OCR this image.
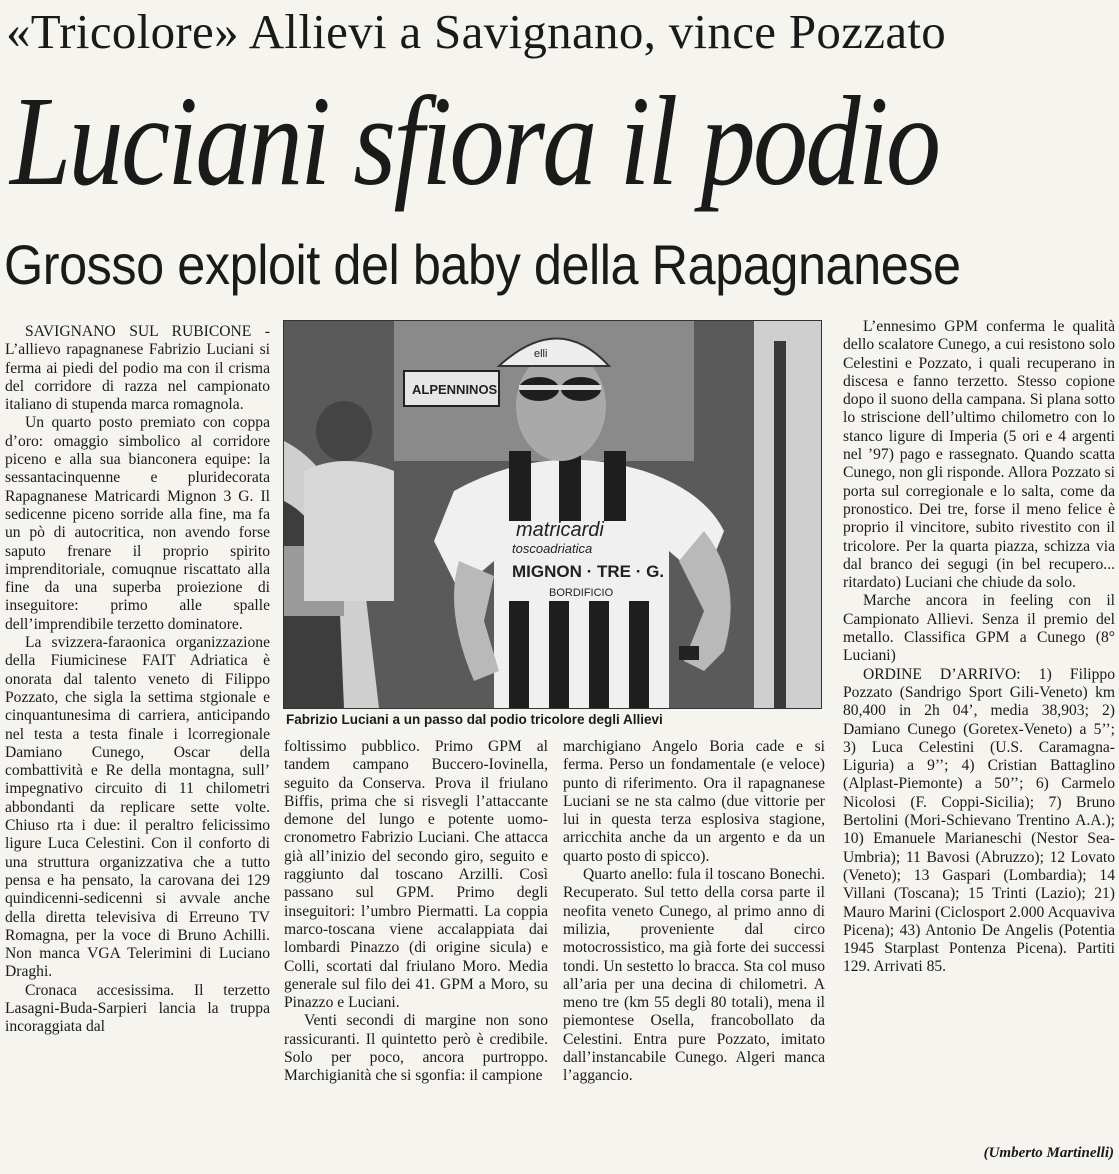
«Tricolore» Allievi a Savignano, vince Pozzato
Luciani sfiora il podio
Grosso exploit del baby della Rapagnanese

SAVIGNANO SUL RUBICONE - L’allievo rapagnanese Fabrizio Luciani si ferma ai piedi del podio ma con il crisma del corridore di razza nel campionato italiano di stupenda marca romagnola.

Un quarto posto premiato con coppa d’oro: omaggio simbolico al corridore piceno e alla sua bianconera equipe: la sessantacinquenne e pluridecorata Rapagnanese Matricardi Mignon 3 G. Il sedicenne piceno sorride alla fine, ma fa un pò di autocritica, non avendo forse saputo frenare il proprio spirito imprenditoriale, comuqnue riscattato alla fine da una superba proiezione di inseguitore: primo alle spalle dell’imprendibile terzetto dominatore.

La svizzera-faraonica organizzazione della Fiumicinese FAIT Adriatica è onorata dal talento veneto di Filippo Pozzato, che sigla la settima stgionale e cinquantunesima di carriera, anticipando nel testa a testa finale i lcorregionale Damiano Cunego, Oscar della combattività e Re della montagna, sull’ impegnativo circuito di 11 chilometri abbondanti da replicare sette volte. Chiuso rta i due: il peraltro felicissimo ligure Luca Celestini. Con il conforto di una struttura organizzativa che a tutto pensa e ha pensato, la carovana dei 129 quindicenni-sedicenni si avvale anche della diretta televisiva di Erreuno TV Romagna, per la voce di Bruno Achilli. Non manca VGA Telerimini di Luciano Draghi.

Cronaca accesissima. Il terzetto Lasagni-Buda-Sarpieri lancia la truppa incoraggiata dal

ALPENNINOS
matricardi
toscoadriatica
MIGNON · TRE · G.
BORDIFICIO
elli
Fabrizio Luciani a un passo dal podio tricolore degli Allievi

foltissimo pubblico. Primo GPM al tandem campano Buccero-Iovinella, seguito da Conserva. Prova il friulano Biffis, prima che si risvegli l’attaccante demone del lungo e potente uomo-cronometro Fabrizio Luciani. Che attacca già all’inizio del secondo giro, seguito e raggiunto dal toscano Arzilli. Così passano sul GPM. Primo degli inseguitori: l’umbro Piermatti. La coppia marco-toscana viene accalappiata dai lombardi Pinazzo (di origine sicula) e Colli, scortati dal friulano Moro. Media generale sul filo dei 41. GPM a Moro, su Pinazzo e Luciani.

Venti secondi di margine non sono rassicuranti. Il quintetto però è credibile. Solo per poco, ancora purtroppo. Marchigianità che si sgonfia: il campione

marchigiano Angelo Boria cade e si ferma. Perso un fondamentale (e veloce) punto di riferimento. Ora il rapagnanese Luciani se ne sta calmo (due vittorie per lui in questa terza esplosiva stagione, arricchita anche da un argento e da un quarto posto di spicco).

Quarto anello: fula il toscano Bonechi. Recuperato. Sul tetto della corsa parte il neofita veneto Cunego, al primo anno di milizia, proveniente dal circo motocrossistico, ma già forte dei successi tondi. Un sestetto lo bracca. Sta col muso all’aria per una decina di chilometri. A meno tre (km 55 degli 80 totali), mena il piemontese Osella, francobollato da Celestini. Entra pure Pozzato, imitato dall’instancabile Cunego. Algeri manca l’aggancio.

L’ennesimo GPM conferma le qualità dello scalatore Cunego, a cui resistono solo Celestini e Pozzato, i quali recuperano in discesa e fanno terzetto. Stesso copione dopo il suono della campana. Si plana sotto lo striscione dell’ultimo chilometro con lo stanco ligure di Imperia (5 ori e 4 argenti nel ’97) pago e rassegnato. Quando scatta Cunego, non gli risponde. Allora Pozzato si porta sul corregionale e lo salta, come da pronostico. Dei tre, forse il meno felice è proprio il vincitore, subito rivestito con il tricolore. Per la quarta piazza, schizza via dal branco dei segugi (in bel recupero... ritardato) Luciani che chiude da solo.

Marche ancora in feeling con il Campionato Allievi. Senza il premio del metallo. Classifica GPM a Cunego (8° Luciani)

ORDINE D’ARRIVO: 1) Filippo Pozzato (Sandrigo Sport Gili-Veneto) km 80,400 in 2h 04’, media 38,903; 2) Damiano Cunego (Goretex-Veneto) a 5’’; 3) Luca Celestini (U.S. Caramagna-Liguria) a 9’’; 4) Cristian Battaglino (Alplast-Piemonte) a 50’’; 6) Carmelo Nicolosi (F. Coppi-Sicilia); 7) Bruno Bertolini (Mori-Schievano Trentino A.A.); 10) Emanuele Marianeschi (Nestor Sea-Umbria); 11 Bavosi (Abruzzo); 12 Lovato (Veneto); 13 Gaspari (Lombardia); 14 Villani (Toscana); 15 Trinti (Lazio); 21) Mauro Marini (Ciclosport 2.000 Acquaviva Picena); 43) Antonio De Angelis (Potentia 1945 Starplast Pontenza Picena). Partiti 129. Arrivati 85.

(Umberto Martinelli)
